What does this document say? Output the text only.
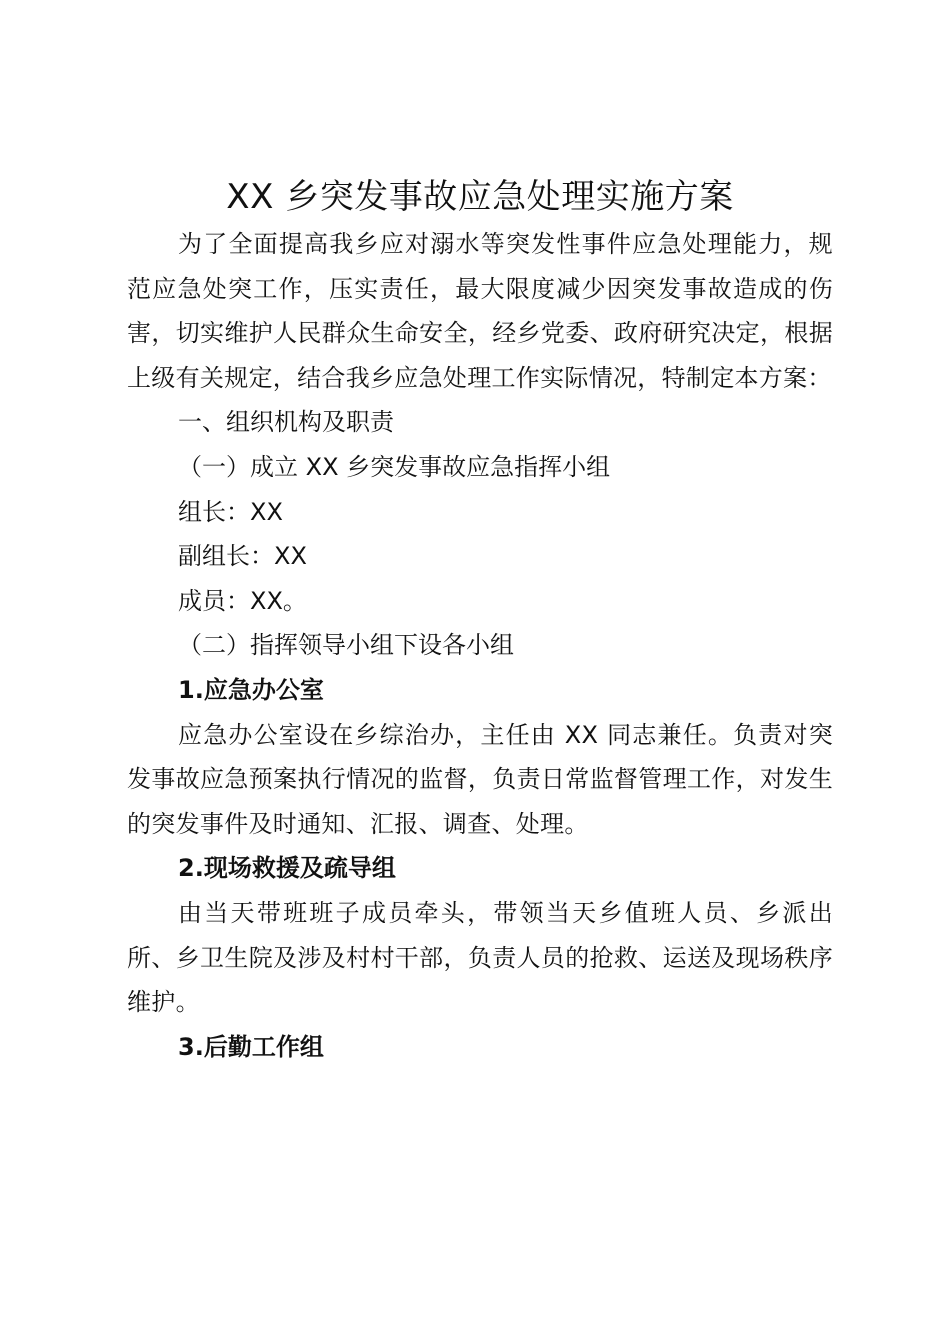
XX 乡突发事故应急处理实施方案

为了全面提高我乡应对溺水等突发性事件应急处理能力，规范应急处突工作，压实责任，最大限度减少因突发事故造成的伤害，切实维护人民群众生命安全，经乡党委、政府研究决定，根据上级有关规定，结合我乡应急处理工作实际情况，特制定本方案：

一、组织机构及职责

（一）成立 XX 乡突发事故应急指挥小组

组长：XX

副组长：XX

成员：XX。

（二）指挥领导小组下设各小组

1.应急办公室

应急办公室设在乡综治办，主任由 XX 同志兼任。负责对突发事故应急预案执行情况的监督，负责日常监督管理工作，对发生的突发事件及时通知、汇报、调查、处理。

2.现场救援及疏导组

由当天带班班子成员牵头，带领当天乡值班人员、乡派出所、乡卫生院及涉及村村干部，负责人员的抢救、运送及现场秩序维护。

3.后勤工作组
